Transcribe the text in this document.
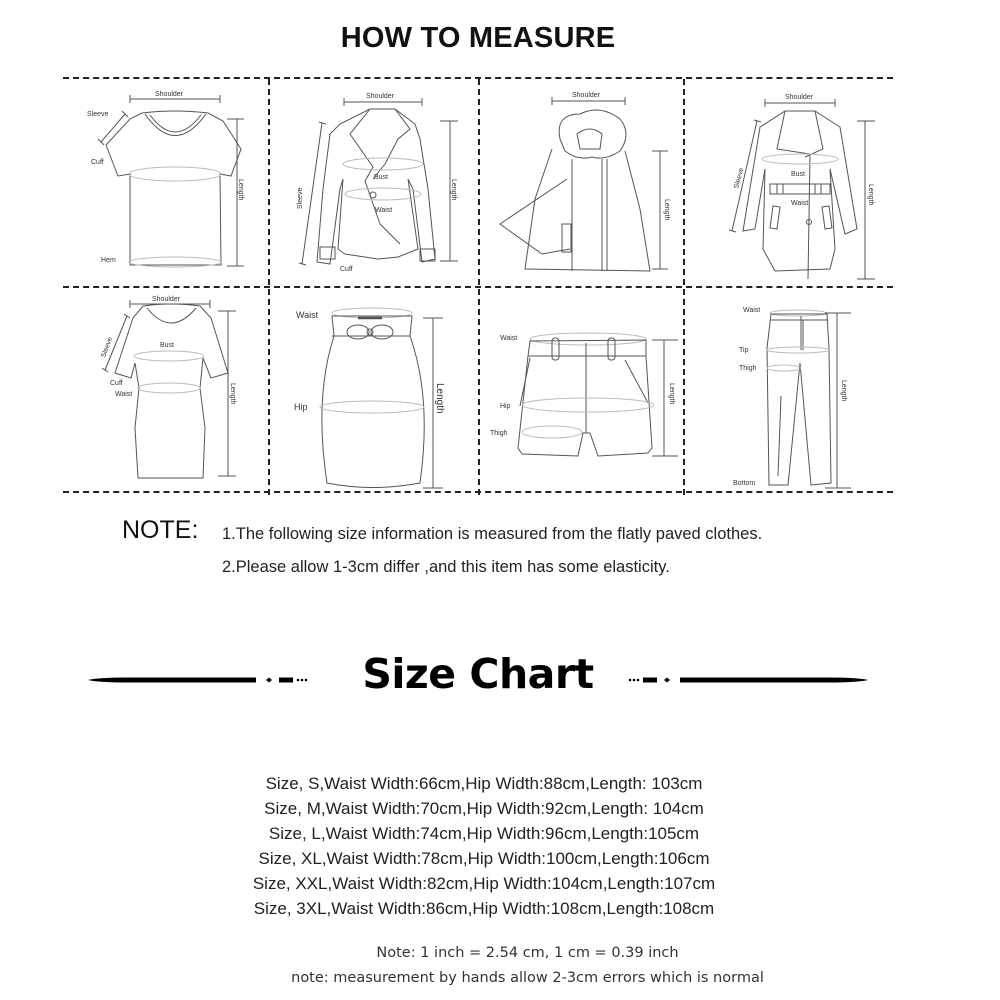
HOW TO MEASURE
Shoulder
Sleeve
Cuff
Hem
Length
Shoulder
Bust
Waist
Cuff
Sleeve	Length
Shoulder
Length
Shoulder
Bust
Waist
Sleeve
Length
Shoulder
Bust
Cuff
Waist
Sleeve
Length
Waist
Hip	Length
Waist
Hip
Thigh
Length
Waist
Tip
Thigh
Bottom
Length
NOTE: 1.The following size information is measured from the flatly paved clothes.
2.Please allow 1-3cm differ ,and this item has some elasticity.
Size Chart
Size, S,Waist Width:66cm,Hip Width:88cm,Length: 103cm
Size, M,Waist Width:70cm,Hip Width:92cm,Length: 104cm
Size, L,Waist Width:74cm,Hip Width:96cm,Length:105cm
Size, XL,Waist Width:78cm,Hip Width:100cm,Length:106cm
Size, XXL,Waist Width:82cm,Hip Width:104cm,Length:107cm
Size, 3XL,Waist Width:86cm,Hip Width:108cm,Length:108cm
Note: 1 inch = 2.54 cm, 1 cm = 0.39 inch
note: measurement by hands allow 2-3cm errors which is normal
